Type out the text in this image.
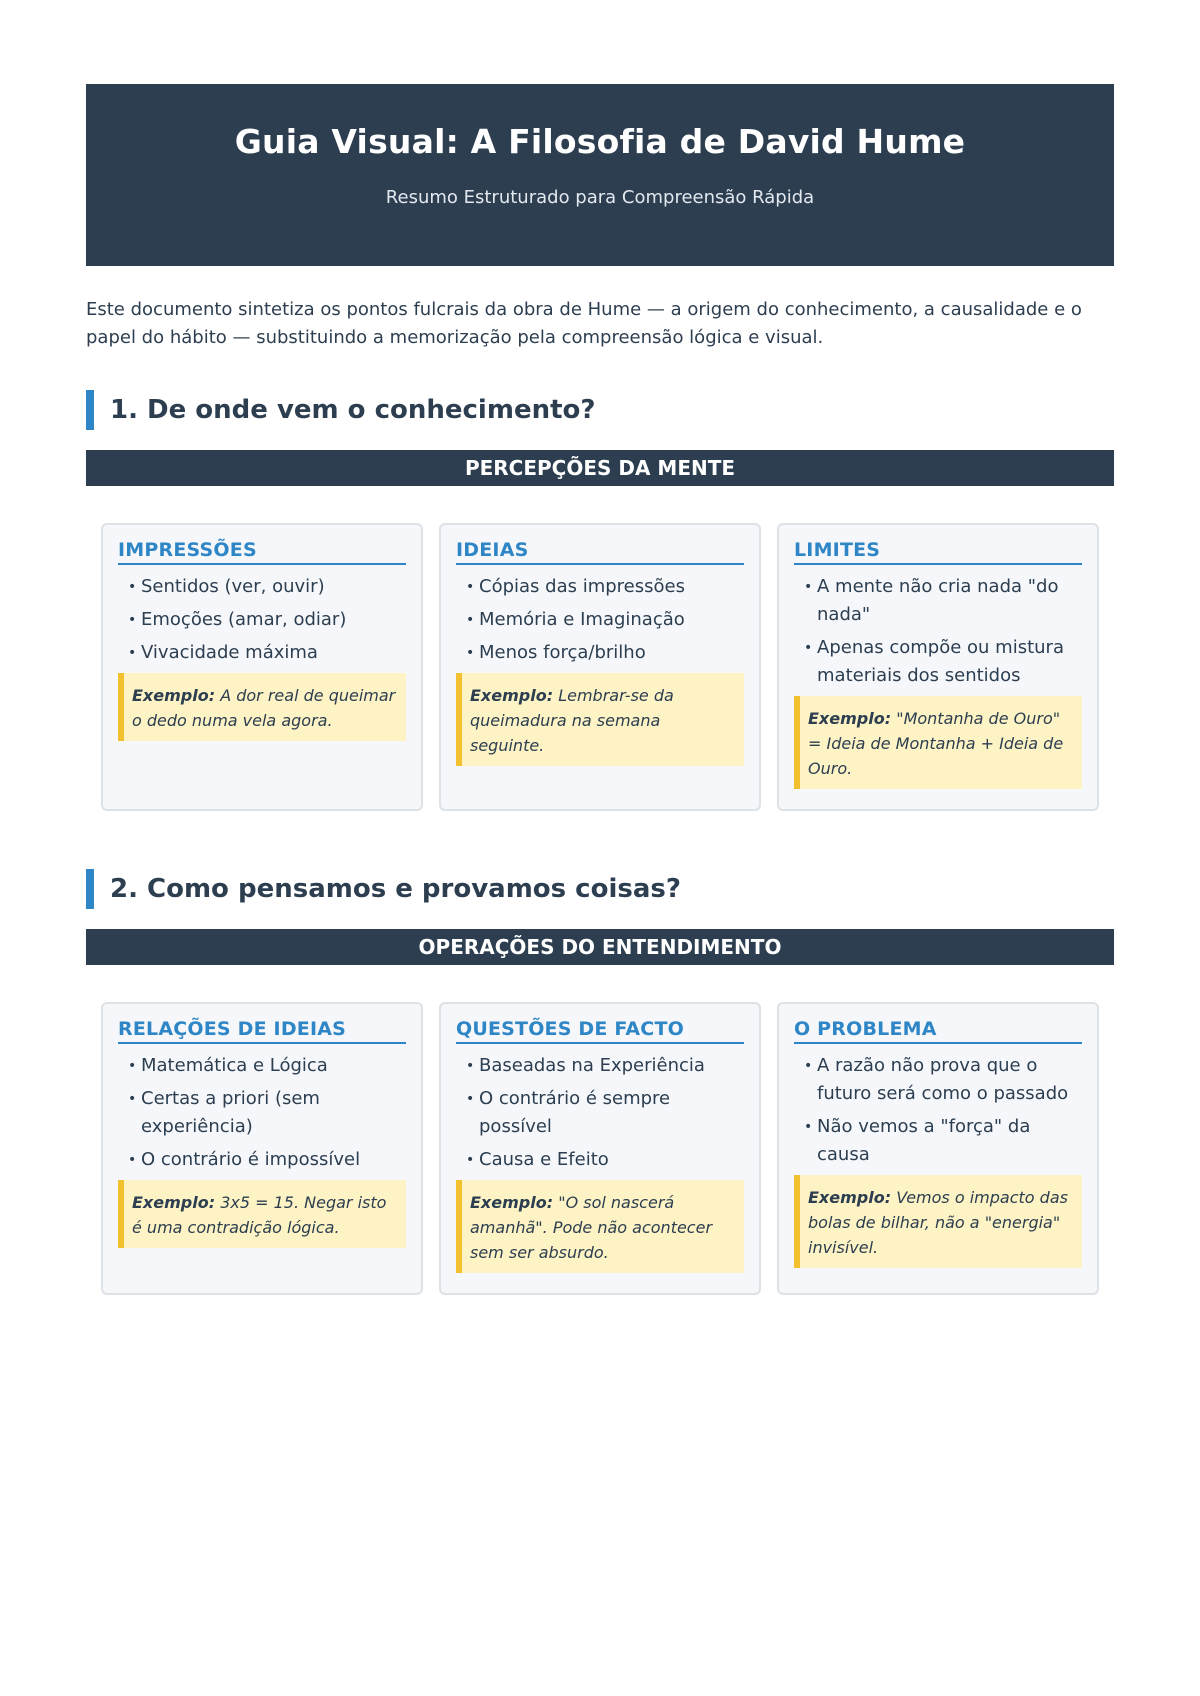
Guia Visual: A Filosofia de David Hume
Resumo Estruturado para Compreensão Rápida

Este documento sintetiza os pontos fulcrais da obra de Hume — a origem do conhecimento, a causalidade e o papel do hábito — substituindo a memorização pela compreensão lógica e visual.

1. De onde vem o conhecimento?
PERCEPÇÕES DA MENTE
IMPRESSÕES
• Sentidos (ver, ouvir)
• Emoções (amar, odiar)
• Vivacidade máxima
Exemplo: A dor real de queimar o dedo numa vela agora.
IDEIAS
• Cópias das impressões
• Memória e Imaginação
• Menos força/brilho
Exemplo: Lembrar-se da queimadura na semana seguinte.
LIMITES
• A mente não cria nada "do nada"
• Apenas compõe ou mistura materiais dos sentidos
Exemplo: "Montanha de Ouro" = Ideia de Montanha + Ideia de Ouro.
2. Como pensamos e provamos coisas?
OPERAÇÕES DO ENTENDIMENTO
RELAÇÕES DE IDEIAS
• Matemática e Lógica
• Certas a priori (sem experiência)
• O contrário é impossível
Exemplo: 3x5 = 15. Negar isto é uma contradição lógica.
QUESTÕES DE FACTO
• Baseadas na Experiência
• O contrário é sempre possível
• Causa e Efeito
Exemplo: "O sol nascerá amanhã". Pode não acontecer sem ser absurdo.
O PROBLEMA
• A razão não prova que o futuro será como o passado
• Não vemos a "força" da causa
Exemplo: Vemos o impacto das bolas de bilhar, não a "energia" invisível.
